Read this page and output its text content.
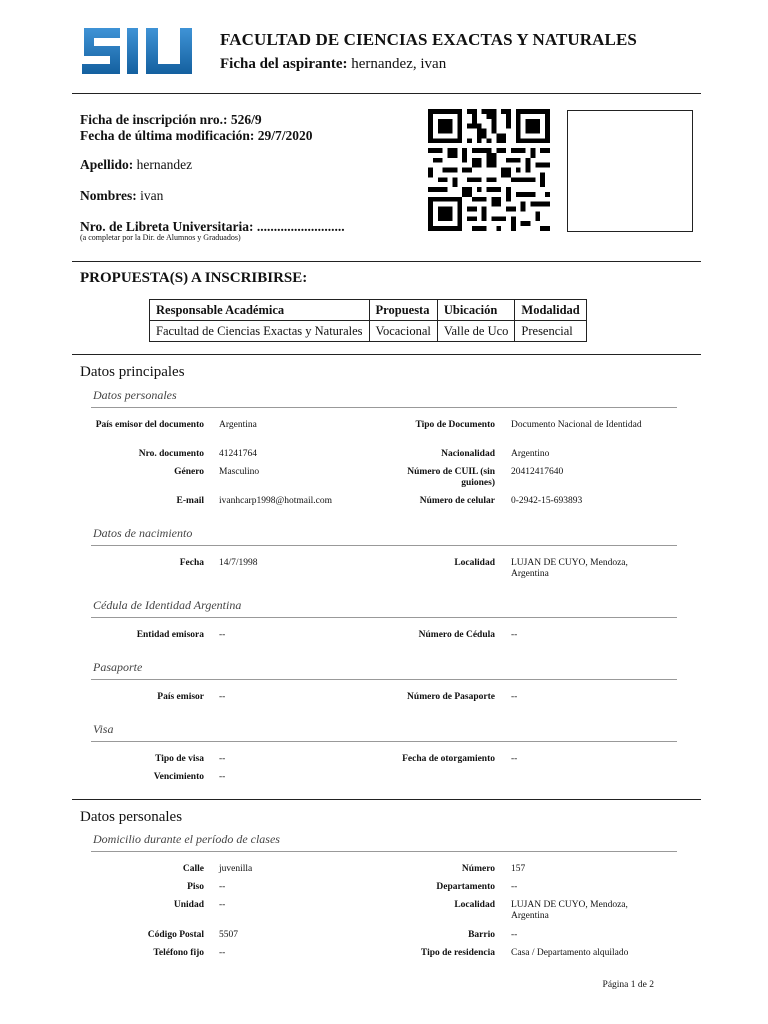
FACULTAD DE CIENCIAS EXACTAS Y NATURALES
Ficha del aspirante: hernandez, ivan
Ficha de inscripción nro.: 526/9
Fecha de última modificación: 29/7/2020
Apellido: hernandez
Nombres: ivan
Nro. de Libreta Universitaria: ..........................
(a completar por la Dir. de Alumnos y Graduados)
PROPUESTA(S) A INSCRIBIRSE:
Responsable Académica	Propuesta	Ubicación	Modalidad
Facultad de Ciencias Exactas y Naturales	Vocacional	Valle de Uco	Presencial
Datos principales
Datos personales
País emisor del documento Argentina	Tipo de Documento Documento Nacional de Identidad
Nro. documento 41241764	Nacionalidad Argentino
Género Masculino	Número de CUIL (sin guiones)
20412417640
E-mail ivanhcarp1998@hotmail.com	Número de celular 0-2942-15-693893
Datos de nacimiento
Fecha 14/7/1998	Localidad LUJAN DE CUYO, Mendoza, Argentina
Cédula de Identidad Argentina
Entidad emisora --	Número de Cédula --
Pasaporte
País emisor --	Número de Pasaporte --
Visa
Tipo de visa --	Fecha de otorgamiento --
Vencimiento --
Datos personales
Domicilio durante el período de clases
Calle juvenilla	Número 157
Piso --	Departamento --
Unidad --	Localidad LUJAN DE CUYO, Mendoza, Argentina
Código Postal 5507	Barrio --
Teléfono fijo --	Tipo de residencia Casa / Departamento alquilado
Página 1 de 2
